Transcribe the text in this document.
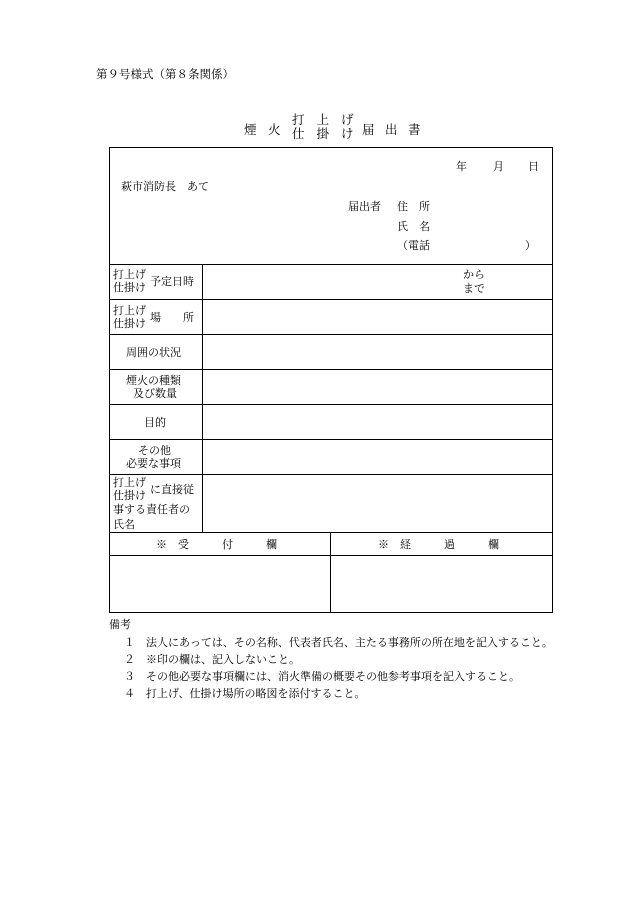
第９号様式（第８条関係）
煙 火
打 上 げ
仕 掛 け 届 出 書
年 月 日
萩市消防長　あて
届出者 住　所
氏　名
（電話	）
打上げ
仕掛け 予定日時
から
まで
打上げ
仕掛け 場　　所
周囲の状況
煙火の種類
及び数量
目的
その他
必要な事項
打上げ
仕掛け に直接従
事する責任者の
氏名
※　受　　　付　　　欄	※　経　　　過　　　欄
備考
１ 法人にあっては、その名称、代表者氏名、主たる事務所の所在地を記入すること。
２ ※印の欄は、記入しないこと。
３ その他必要な事項欄には、消火準備の概要その他参考事項を記入すること。
４ 打上げ、仕掛け場所の略図を添付すること。
